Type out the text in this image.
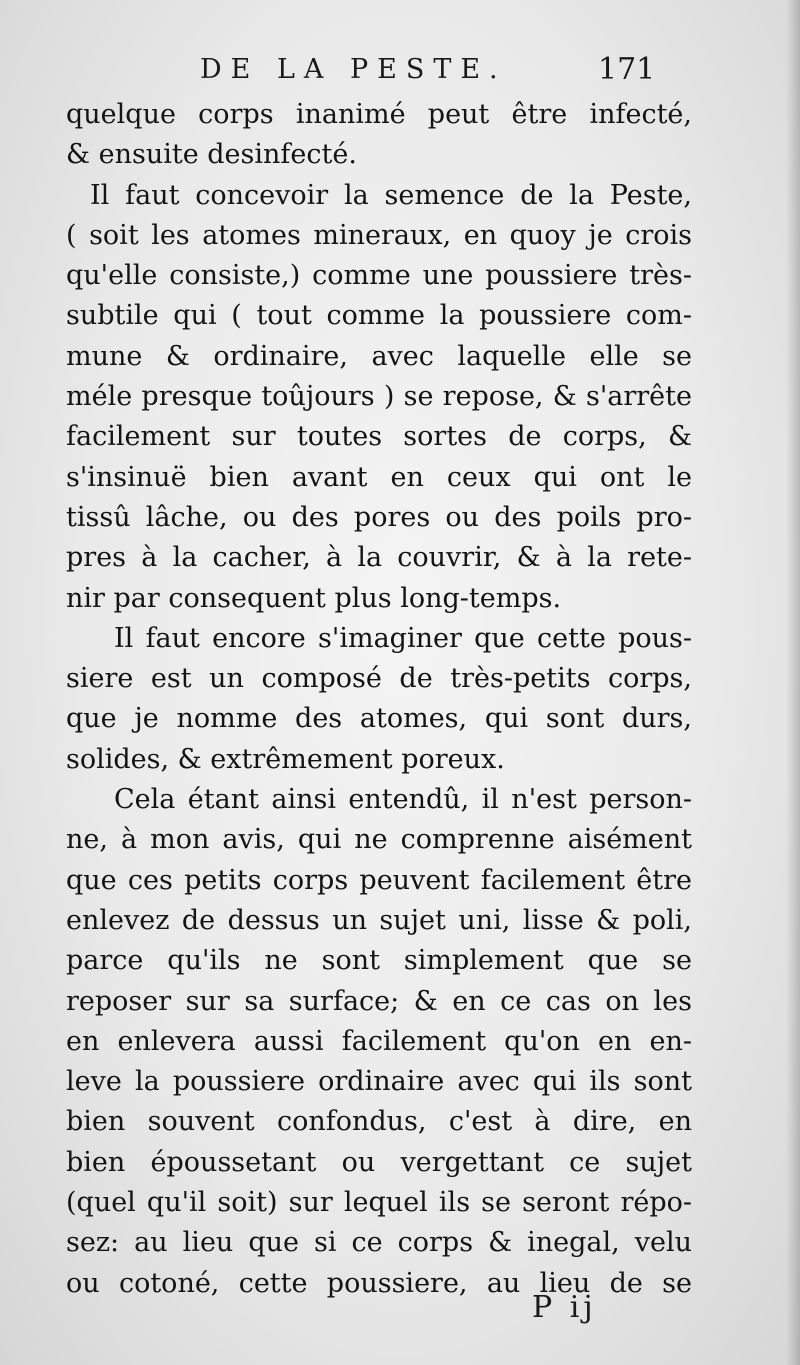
DE LA PESTE.	171
quelque corps inanimé peut être infecté,
& ensuite desinfecté.
Il faut concevoir la semence de la Peste,
( soit les atomes mineraux, en quoy je crois
qu'elle consiste,) comme une poussiere très-
subtile qui ( tout comme la poussiere com-
mune & ordinaire, avec laquelle elle se
méle presque toûjours ) se repose, & s'arrête
facilement sur toutes sortes de corps, &
s'insinuë bien avant en ceux qui ont le
tissû lâche, ou des pores ou des poils pro-
pres à la cacher, à la couvrir, & à la rete-
nir par consequent plus long-temps.
Il faut encore s'imaginer que cette pous-
siere est un composé de très-petits corps,
que je nomme des atomes, qui sont durs,
solides, & extrêmement poreux.
Cela étant ainsi entendû, il n'est person-
ne, à mon avis, qui ne comprenne aisément
que ces petits corps peuvent facilement être
enlevez de dessus un sujet uni, lisse & poli,
parce qu'ils ne sont simplement que se
reposer sur sa surface; & en ce cas on les
en enlevera aussi facilement qu'on en en-
leve la poussiere ordinaire avec qui ils sont
bien souvent confondus, c'est à dire, en
bien époussetant ou vergettant ce sujet
(quel qu'il soit) sur lequel ils se seront répo-
sez: au lieu que si ce corps & inegal, velu
ou cotoné, cette poussiere, au lieu de se
P ij
